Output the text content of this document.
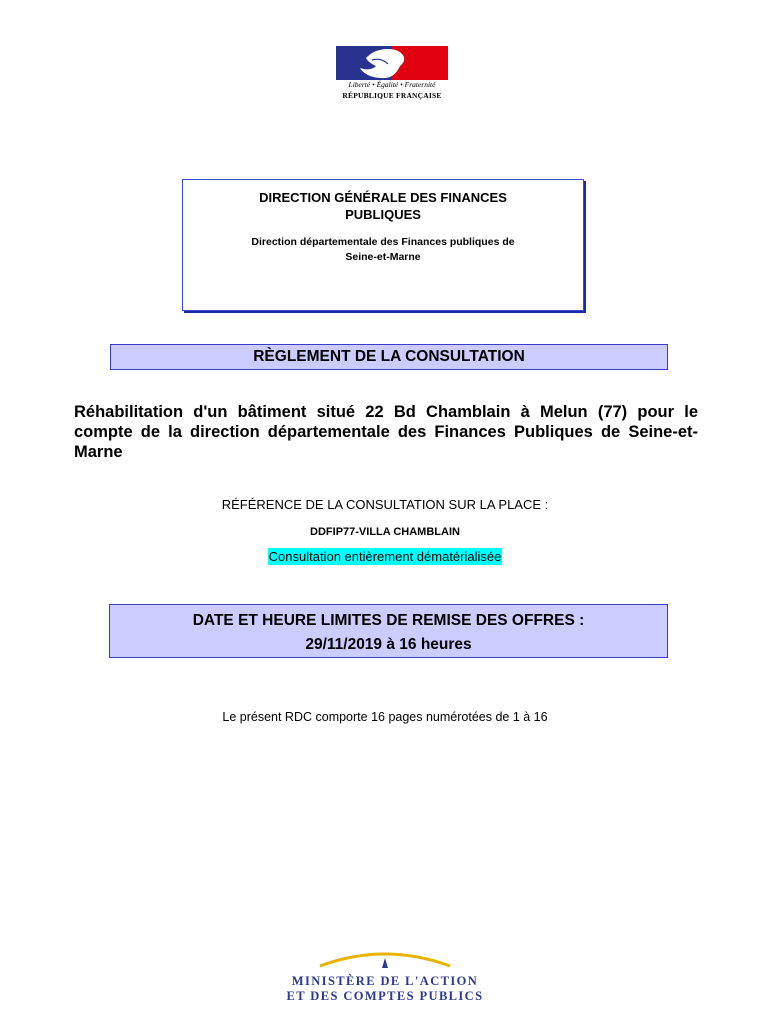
Liberté • Égalité • Fraternité
RÉPUBLIQUE FRANÇAISE
DIRECTION GÉNÉRALE DES FINANCES PUBLIQUES
Direction départementale des Finances publiques de Seine-et-Marne
RÈGLEMENT DE LA CONSULTATION
Réhabilitation d'un bâtiment situé 22 Bd Chamblain à Melun (77) pour le compte de la direction départementale des Finances Publiques de Seine-et-Marne
RÉFÉRENCE DE LA CONSULTATION SUR LA PLACE :
DDFIP77-VILLA CHAMBLAIN
Consultation entièrement dématérialisée
DATE ET HEURE LIMITES DE REMISE DES OFFRES :
29/11/2019 à 16 heures
Le présent RDC comporte 16 pages numérotées de 1 à 16
MINISTÈRE DE L'ACTION
ET DES COMPTES PUBLICS
